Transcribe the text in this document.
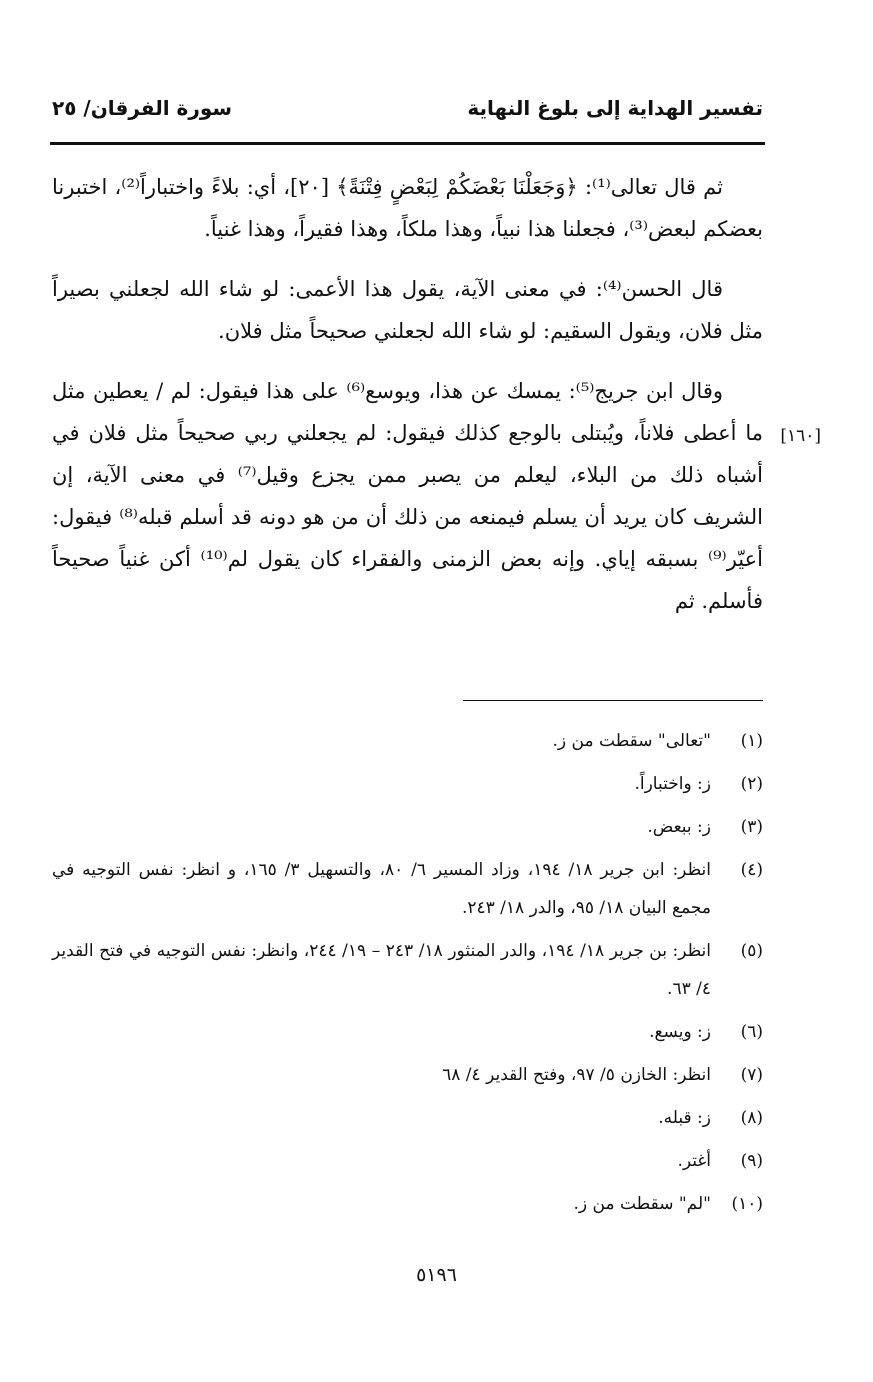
تفسير الهداية إلى بلوغ النهاية
سورة الفرقان/ ٢٥

ثم قال تعالى⁽¹⁾: ﴿وَجَعَلْنَا بَعْضَكُمْ لِبَعْضٍ فِتْنَةً﴾ [٢٠]، أي: بلاءً واختباراً⁽²⁾، اختبرنا بعضكم لبعض⁽³⁾، فجعلنا هذا نبياً، وهذا ملكاً، وهذا فقيراً، وهذا غنياً.

قال الحسن⁽⁴⁾: في معنى الآية، يقول هذا الأعمى: لو شاء الله لجعلني بصيراً مثل فلان، ويقول السقيم: لو شاء الله لجعلني صحيحاً مثل فلان.

وقال ابن جريج⁽⁵⁾: يمسك عن هذا، ويوسع⁽⁶⁾ على هذا فيقول: لم / يعطين مثل ما أعطى فلاناً، ويُبتلى بالوجع كذلك فيقول: لم يجعلني ربي صحيحاً مثل فلان في أشباه ذلك من البلاء، ليعلم من يصبر ممن يجزع وقيل⁽⁷⁾ في معنى الآية، إن الشريف كان يريد أن يسلم فيمنعه من ذلك أن من هو دونه قد أسلم قبله⁽⁸⁾ فيقول: أعيّر⁽⁹⁾ بسبقه إياي. وإنه بعض الزمنى والفقراء كان يقول لم⁽¹⁰⁾ أكن غنياً صحيحاً فأسلم. ثم

[١٦٠]
(١)
"تعالى" سقطت من ز.
(٢)
ز: واختباراً.
(٣)
ز: ببعض.
(٤)
انظر: ابن جرير ١٨/ ١٩٤، وزاد المسير ٦/ ٨٠، والتسهيل ٣/ ١٦٥، و انظر: نفس التوجيه في مجمع البيان ١٨/ ٩٥، والدر ١٨/ ٢٤٣.
(٥)
انظر: بن جرير ١٨/ ١٩٤، والدر المنثور ١٨/ ٢٤٣ – ١٩/ ٢٤٤، وانظر: نفس التوجيه في فتح القدير ٤/ ٦٣.
(٦)
ز: ويسع.
(٧)
انظر: الخازن ٥/ ٩٧، وفتح القدير ٤/ ٦٨
(٨)
ز: قبله.
(٩)
أغتر.
(١٠)
"لم" سقطت من ز.
٥١٩٦
